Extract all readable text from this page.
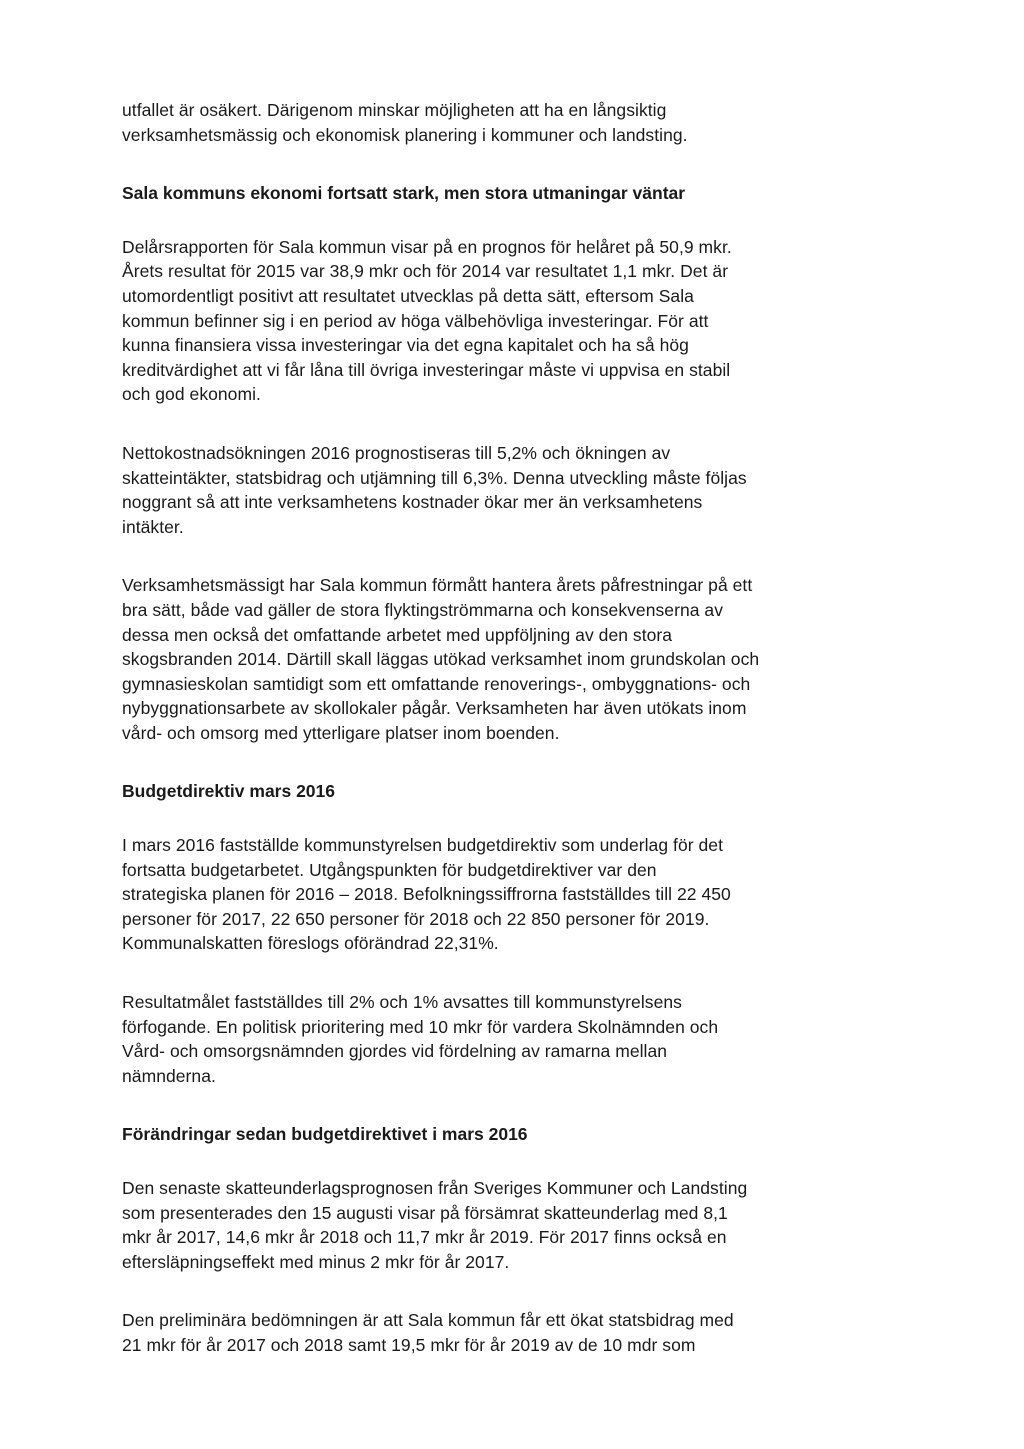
utfallet är osäkert. Därigenom minskar möjligheten att ha en långsiktig
verksamhetsmässig och ekonomisk planering i kommuner och landsting.

Sala kommuns ekonomi fortsatt stark, men stora utmaningar väntar

Delårsrapporten för Sala kommun visar på en prognos för helåret på 50,9 mkr.
Årets resultat för 2015 var 38,9 mkr och för 2014 var resultatet 1,1 mkr. Det är
utomordentligt positivt att resultatet utvecklas på detta sätt, eftersom Sala
kommun befinner sig i en period av höga välbehövliga investeringar. För att
kunna finansiera vissa investeringar via det egna kapitalet och ha så hög
kreditvärdighet att vi får låna till övriga investeringar måste vi uppvisa en stabil
och god ekonomi.

Nettokostnadsökningen 2016 prognostiseras till 5,2% och ökningen av
skatteintäkter, statsbidrag och utjämning till 6,3%. Denna utveckling måste följas
noggrant så att inte verksamhetens kostnader ökar mer än verksamhetens
intäkter.

Verksamhetsmässigt har Sala kommun förmått hantera årets påfrestningar på ett
bra sätt, både vad gäller de stora flyktingströmmarna och konsekvenserna av
dessa men också det omfattande arbetet med uppföljning av den stora
skogsbranden 2014. Därtill skall läggas utökad verksamhet inom grundskolan och
gymnasieskolan samtidigt som ett omfattande renoverings-, ombyggnations- och
nybyggnationsarbete av skollokaler pågår. Verksamheten har även utökats inom
vård- och omsorg med ytterligare platser inom boenden.

Budgetdirektiv mars 2016

I mars 2016 fastställde kommunstyrelsen budgetdirektiv som underlag för det
fortsatta budgetarbetet. Utgångspunkten för budgetdirektiver var den
strategiska planen för 2016 – 2018. Befolkningssiffrorna fastställdes till 22 450
personer för 2017, 22 650 personer för 2018 och 22 850 personer för 2019.
Kommunalskatten föreslogs oförändrad 22,31%.

Resultatmålet fastställdes till 2% och 1% avsattes till kommunstyrelsens
förfogande. En politisk prioritering med 10 mkr för vardera Skolnämnden och
Vård- och omsorgsnämnden gjordes vid fördelning av ramarna mellan
nämnderna.

Förändringar sedan budgetdirektivet i mars 2016

Den senaste skatteunderlagsprognosen från Sveriges Kommuner och Landsting
som presenterades den 15 augusti visar på försämrat skatteunderlag med 8,1
mkr år 2017, 14,6 mkr år 2018 och 11,7 mkr år 2019. För 2017 finns också en
eftersläpningseffekt med minus 2 mkr för år 2017.

Den preliminära bedömningen är att Sala kommun får ett ökat statsbidrag med
21 mkr för år 2017 och 2018 samt 19,5 mkr för år 2019 av de 10 mdr som
